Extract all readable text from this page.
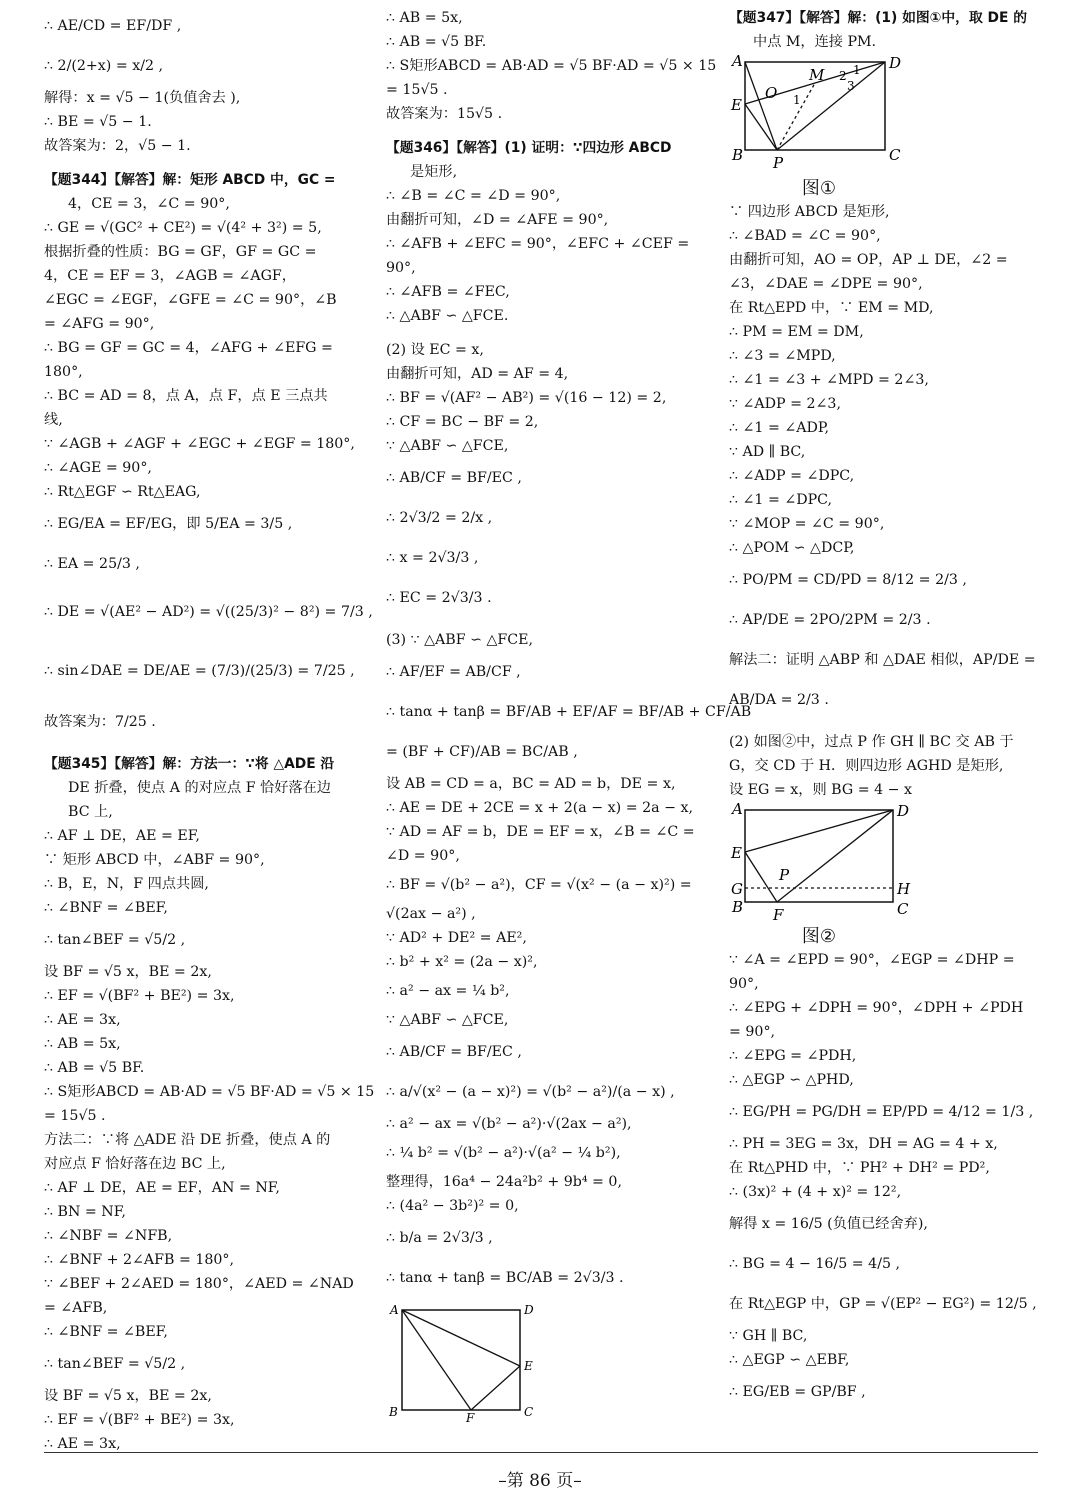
∴ AE/CD = EF/DF ,
∴ 2/(2+x) = x/2 ,
解得：x = √5 − 1(负值舍去 ),
∴ BE = √5 − 1.
故答案为：2，√5 − 1.
【题344】【解答】解：矩形 ABCD 中，GC =
4，CE = 3，∠C = 90°,
∴ GE = √(GC² + CE²) = √(4² + 3²) = 5,
根据折叠的性质：BG = GF，GF = GC =
4，CE = EF = 3，∠AGB = ∠AGF，
∠EGC = ∠EGF，∠GFE = ∠C = 90°，∠B
= ∠AFG = 90°,
∴ BG = GF = GC = 4，∠AFG + ∠EFG =
180°,
∴ BC = AD = 8，点 A，点 F，点 E 三点共
线,
∵ ∠AGB + ∠AGF + ∠EGC + ∠EGF = 180°,
∴ ∠AGE = 90°,
∴ Rt△EGF ∽ Rt△EAG,
∴ EG/EA = EF/EG，即 5/EA = 3/5 ,
∴ EA = 25/3 ,
∴ DE = √(AE² − AD²) = √((25/3)² − 8²) = 7/3 ,
∴ sin∠DAE = DE/AE = (7/3)/(25/3) = 7/25 ,
故答案为：7/25 .
【题345】【解答】解：方法一：∵将 △ADE 沿
DE 折叠，使点 A 的对应点 F 恰好落在边
BC 上,
∴ AF ⊥ DE，AE = EF,
∵ 矩形 ABCD 中，∠ABF = 90°,
∴ B，E，N，F 四点共圆,
∴ ∠BNF = ∠BEF,
∴ tan∠BEF = √5/2 ,
设 BF = √5 x，BE = 2x,
∴ EF = √(BF² + BE²) = 3x,
∴ AE = 3x,
∴ AB = 5x,
∴ AB = √5 BF.
∴ S矩形ABCD = AB·AD = √5 BF·AD = √5 × 15
= 15√5 .
方法二：∵将 △ADE 沿 DE 折叠，使点 A 的
对应点 F 恰好落在边 BC 上,
∴ AF ⊥ DE，AE = EF，AN = NF,
∴ BN = NF,
∴ ∠NBF = ∠NFB,
∴ ∠BNF + 2∠AFB = 180°,
∵ ∠BEF + 2∠AED = 180°，∠AED = ∠NAD
= ∠AFB,
∴ ∠BNF = ∠BEF,
∴ tan∠BEF = √5/2 ,
设 BF = √5 x，BE = 2x,
∴ EF = √(BF² + BE²) = 3x,
∴ AE = 3x,
∴ AB = 5x,
∴ AB = √5 BF.
∴ S矩形ABCD = AB·AD = √5 BF·AD = √5 × 15
= 15√5 .
故答案为：15√5 .
【题346】【解答】(1) 证明：∵四边形 ABCD
是矩形,
∴ ∠B = ∠C = ∠D = 90°,
由翻折可知，∠D = ∠AFE = 90°,
∴ ∠AFB + ∠EFC = 90°，∠EFC + ∠CEF =
90°,
∴ ∠AFB = ∠FEC,
∴ △ABF ∽ △FCE.
(2) 设 EC = x,
由翻折可知，AD = AF = 4,
∴ BF = √(AF² − AB²) = √(16 − 12) = 2,
∴ CF = BC − BF = 2,
∵ △ABF ∽ △FCE,
∴ AB/CF = BF/EC ,
∴ 2√3/2 = 2/x ,
∴ x = 2√3/3 ,
∴ EC = 2√3/3 .
(3) ∵ △ABF ∽ △FCE,
∴ AF/EF = AB/CF ,
∴ tanα + tanβ = BF/AB + EF/AF = BF/AB + CF/AB
= (BF + CF)/AB = BC/AB ,
设 AB = CD = a，BC = AD = b，DE = x,
∴ AE = DE + 2CE = x + 2(a − x) = 2a − x,
∵ AD = AF = b，DE = EF = x，∠B = ∠C =
∠D = 90°,
∴ BF = √(b² − a²)，CF = √(x² − (a − x)²) =
√(2ax − a²) ,
∵ AD² + DE² = AE²,
∴ b² + x² = (2a − x)²,
∴ a² − ax = ¼ b²,
∵ △ABF ∽ △FCE,
∴ AB/CF = BF/EC ,
∴ a/√(x² − (a − x)²) = √(b² − a²)/(a − x) ,
∴ a² − ax = √(b² − a²)·√(2ax − a²),
∴ ¼ b² = √(b² − a²)·√(a² − ¼ b²),
整理得，16a⁴ − 24a²b² + 9b⁴ = 0,
∴ (4a² − 3b²)² = 0,
∴ b/a = 2√3/3 ,
∴ tanα + tanβ = BC/AB = 2√3/3 .
A	D
E
B	F	C
【题347】【解答】解：(1) 如图①中，取 DE 的
中点 M，连接 PM.
A	D
E
B P	C
M
O
1
2
1
3
图①
∵ 四边形 ABCD 是矩形,
∴ ∠BAD = ∠C = 90°,
由翻折可知，AO = OP，AP ⊥ DE，∠2 =
∠3，∠DAE = ∠DPE = 90°,
在 Rt△EPD 中，∵ EM = MD,
∴ PM = EM = DM,
∴ ∠3 = ∠MPD,
∴ ∠1 = ∠3 + ∠MPD = 2∠3,
∵ ∠ADP = 2∠3,
∴ ∠1 = ∠ADP,
∵ AD ∥ BC,
∴ ∠ADP = ∠DPC,
∴ ∠1 = ∠DPC,
∵ ∠MOP = ∠C = 90°,
∴ △POM ∽ △DCP,
∴ PO/PM = CD/PD = 8/12 = 2/3 ,
∴ AP/DE = 2PO/2PM = 2/3 .
解法二：证明 △ABP 和 △DAE 相似，AP/DE =
AB/DA = 2/3 .
(2) 如图②中，过点 P 作 GH ∥ BC 交 AB 于
G，交 CD 于 H．则四边形 AGHD 是矩形,
设 EG = x，则 BG = 4 − x
A	D
E
G
B
P
H
F	C
图②
∵ ∠A = ∠EPD = 90°，∠EGP = ∠DHP =
90°,
∴ ∠EPG + ∠DPH = 90°，∠DPH + ∠PDH
= 90°,
∴ ∠EPG = ∠PDH,
∴ △EGP ∽ △PHD,
∴ EG/PH = PG/DH = EP/PD = 4/12 = 1/3 ,
∴ PH = 3EG = 3x，DH = AG = 4 + x,
在 Rt△PHD 中，∵ PH² + DH² = PD²,
∴ (3x)² + (4 + x)² = 12²,
解得 x = 16/5 (负值已经舍弃),
∴ BG = 4 − 16/5 = 4/5 ,
在 Rt△EGP 中，GP = √(EP² − EG²) = 12/5 ,
∵ GH ∥ BC,
∴ △EGP ∽ △EBF,
∴ EG/EB = GP/BF ,
–第 86 页–
